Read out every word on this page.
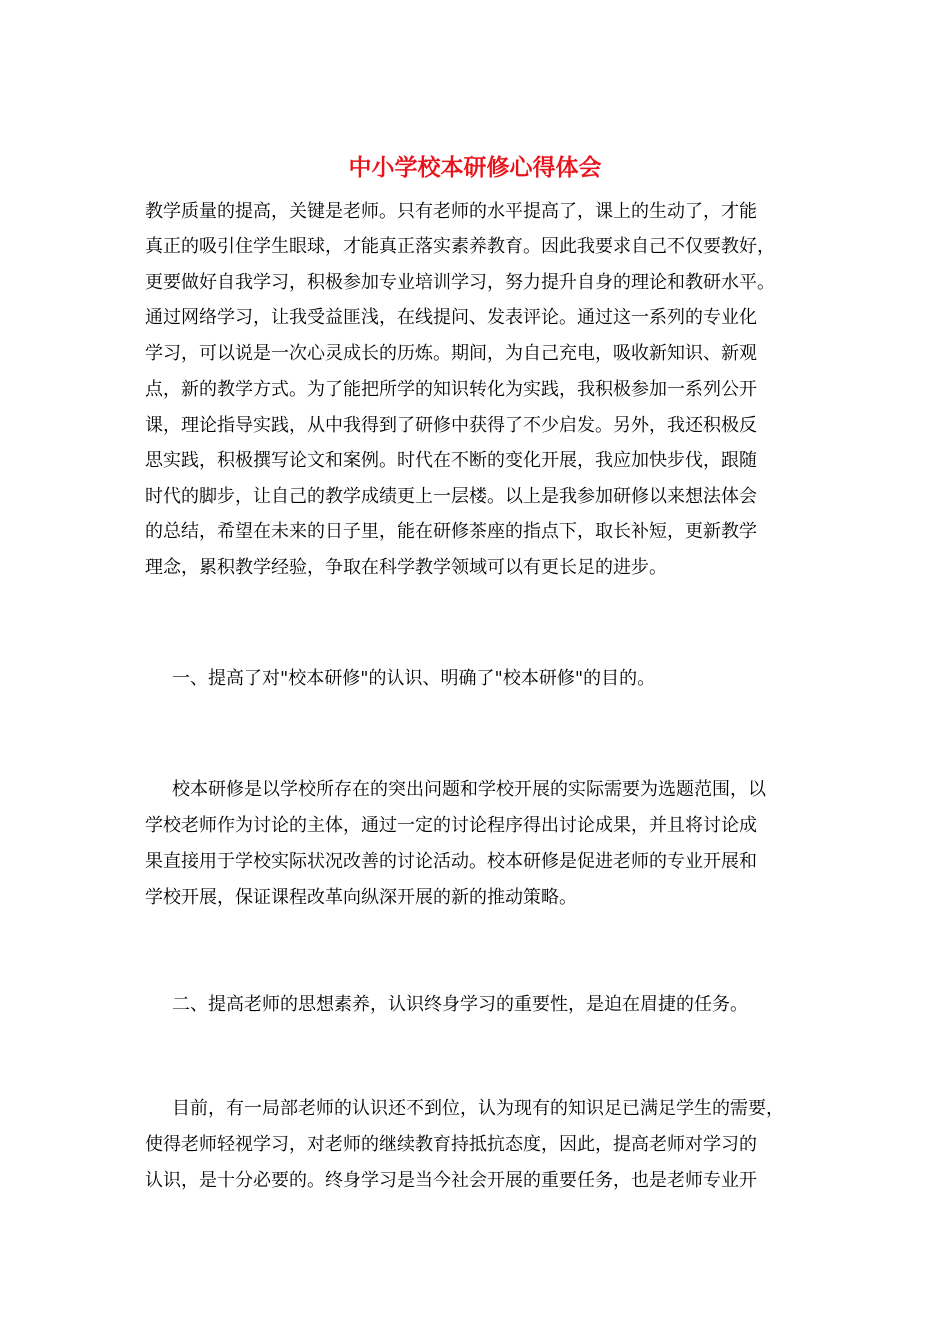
中小学校本研修心得体会

教学质量的提高，关键是老师。只有老师的水平提高了，课上的生动了，才能

真正的吸引住学生眼球，才能真正落实素养教育。因此我要求自己不仅要教好，

更要做好自我学习，积极参加专业培训学习，努力提升自身的理论和教研水平。

通过网络学习，让我受益匪浅，在线提问、发表评论。通过这一系列的专业化

学习，可以说是一次心灵成长的历炼。期间，为自己充电，吸收新知识、新观

点，新的教学方式。为了能把所学的知识转化为实践，我积极参加一系列公开

课，理论指导实践，从中我得到了研修中获得了不少启发。另外，我还积极反

思实践，积极撰写论文和案例。时代在不断的变化开展，我应加快步伐，跟随

时代的脚步，让自己的教学成绩更上一层楼。以上是我参加研修以来想法体会

的总结，希望在未来的日子里，能在研修茶座的指点下，取长补短，更新教学

理念，累积教学经验，争取在科学教学领域可以有更长足的进步。

一、提高了对"校本研修"的认识、明确了"校本研修"的目的。

校本研修是以学校所存在的突出问题和学校开展的实际需要为选题范围，以

学校老师作为讨论的主体，通过一定的讨论程序得出讨论成果，并且将讨论成

果直接用于学校实际状况改善的讨论活动。校本研修是促进老师的专业开展和

学校开展，保证课程改革向纵深开展的新的推动策略。

二、提高老师的思想素养，认识终身学习的重要性，是迫在眉捷的任务。

目前，有一局部老师的认识还不到位，认为现有的知识足已满足学生的需要，

使得老师轻视学习，对老师的继续教育持抵抗态度，因此，提高老师对学习的

认识，是十分必要的。终身学习是当今社会开展的重要任务，也是老师专业开
